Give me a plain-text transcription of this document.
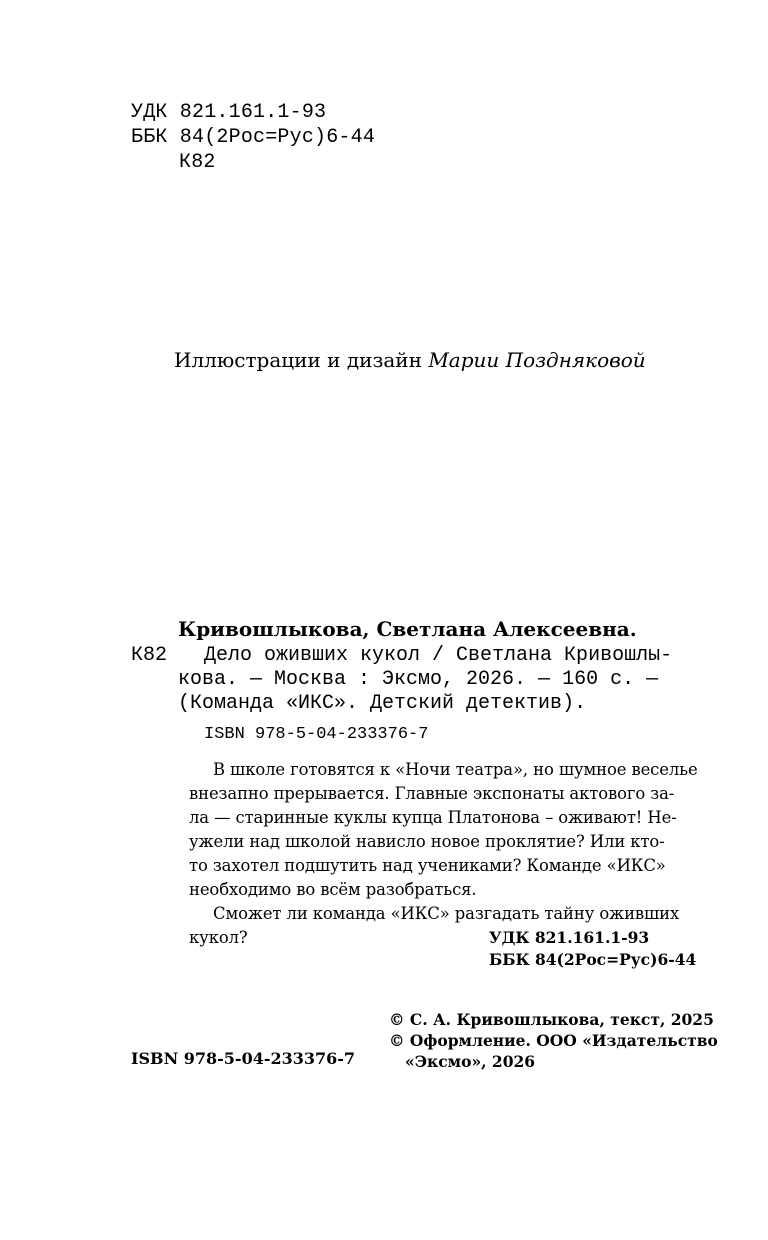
УДК 821.161.1-93

ББК 84(2Рос=Рус)6-44

К82

Иллюстрации и дизайн Марии Поздняковой

Кривошлыкова, Светлана Алексеевна.

К82 Дело оживших кукол / Светлана Кривошлы-

кова. — Москва : Эксмо, 2026. — 160 с. —

(Команда «ИКС». Детский детектив).

ISBN 978-5-04-233376-7

В школе готовятся к «Ночи театра», но шумное веселье

внезапно прерывается. Главные экспонаты актового за-

ла — старинные куклы купца Платонова – оживают! Не-

ужели над школой нависло новое проклятие? Или кто-

то захотел подшутить над учениками? Команде «ИКС»

необходимо во всём разобраться.

Сможет ли команда «ИКС» разгадать тайну оживших

кукол?	УДК 821.161.1-93

ББК 84(2Рос=Рус)6-44

ISBN 978-5-04-233376-7

© С. А. Кривошлыкова, текст, 2025

© Оформление. ООО «Издательство

«Эксмо», 2026
